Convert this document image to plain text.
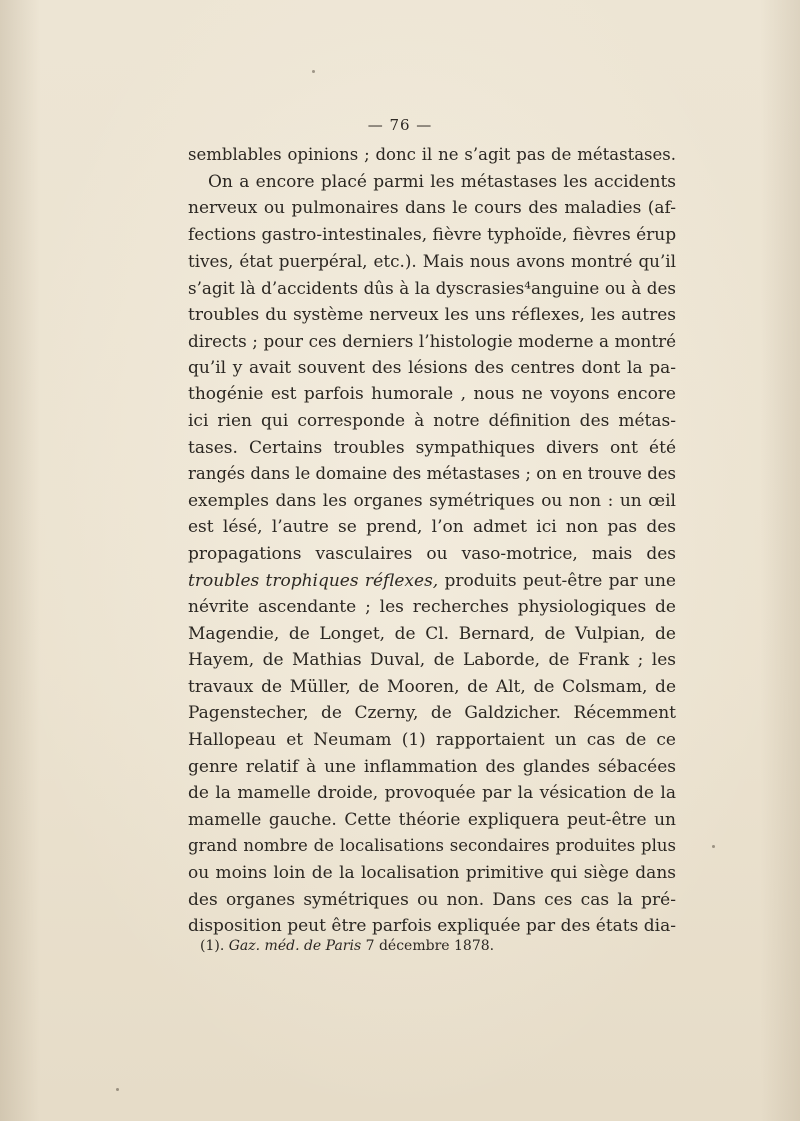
— 76 —
semblables opinions ; donc il ne s’agit pas de métastases.
On a encore placé parmi les métastases les accidents
nerveux ou pulmonaires dans le cours des maladies (af-
fections gastro-intestinales, fièvre typhoïde, fièvres érup
tives, état puerpéral, etc.). Mais nous avons montré qu’il
s’agit là d’accidents dûs à la dyscrasies⁴anguine ou à des
troubles du système nerveux les uns réflexes, les autres
directs ; pour ces derniers l’histologie moderne a montré
qu’il y avait souvent des lésions des centres dont la pa-
thogénie est parfois humorale , nous ne voyons encore
ici rien qui corresponde à notre définition des métas-
tases. Certains troubles sympathiques divers ont été
rangés dans le domaine des métastases ; on en trouve des
exemples dans les organes symétriques ou non : un œil
est lésé, l’autre se prend, l’on admet ici non pas des
propagations vasculaires ou vaso-motrice, mais des
troubles trophiques réflexes, produits peut-être par une
névrite ascendante ; les recherches physiologiques de
Magendie, de Longet, de Cl. Bernard, de Vulpian, de
Hayem, de Mathias Duval, de Laborde, de Frank ; les
travaux de Müller, de Mooren, de Alt, de Colsmam, de
Pagenstecher, de Czerny, de Galdzicher. Récemment
Hallopeau et Neumam (1) rapportaient un cas de ce
genre relatif à une inflammation des glandes sébacées
de la mamelle droide, provoquée par la vésication de la
mamelle gauche. Cette théorie expliquera peut-être un
grand nombre de localisations secondaires produites plus
ou moins loin de la localisation primitive qui siège dans
des organes symétriques ou non. Dans ces cas la pré-
disposition peut être parfois expliquée par des états dia-
(1). Gaz. méd. de Paris 7 décembre 1878.
